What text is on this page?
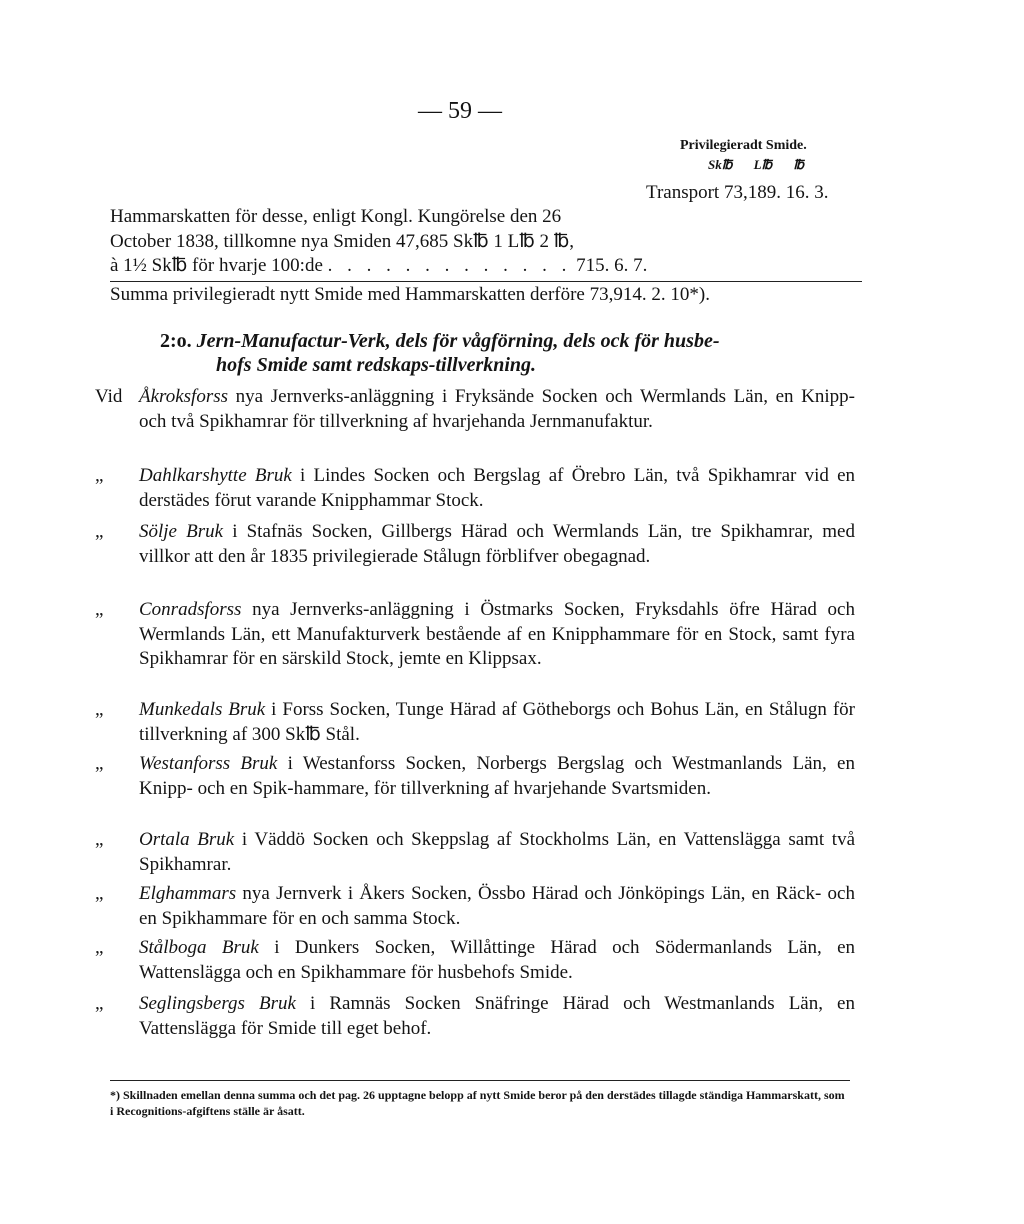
— 59 —
Privilegieradt Smide.
Sk℔ L℔ ℔
Transport 73,189. 16. 3.
Hammarskatten för desse, enligt Kongl. Kungörelse den 26
October 1838, tillkomne nya Smiden 47,685 Sk℔ 1 L℔ 2 ℔,
à 1½ Sk℔ för hvarje 100:de . . . . . . . . . . . . . 715. 6. 7.
Summa privilegieradt nytt Smide med Hammarskatten derföre 73,914. 2. 10*).
2:o. Jern-Manufactur-Verk, dels för vågförning, dels ock för husbe-
hofs Smide samt redskaps-tillverkning.
Vid Åkroksforss nya Jernverks-anläggning i Fryksände Socken och Wermlands Län, en Knipp- och två Spikhamrar för tillverkning af hvarjehanda Jernmanufaktur.
„	Dahlkarshytte Bruk i Lindes Socken och Bergslag af Örebro Län, två Spikhamrar vid en derstädes förut varande Knipphammar Stock.
„	Sölje Bruk i Stafnäs Socken, Gillbergs Härad och Wermlands Län, tre Spikhamrar, med villkor att den år 1835 privilegierade Stålugn förblifver obegagnad.
„	Conradsforss nya Jernverks-anläggning i Östmarks Socken, Fryksdahls öfre Härad och Wermlands Län, ett Manufakturverk bestående af en Knipphammare för en Stock, samt fyra Spikhamrar för en särskild Stock, jemte en Klippsax.
„	Munkedals Bruk i Forss Socken, Tunge Härad af Götheborgs och Bohus Län, en Stålugn för tillverkning af 300 Sk℔ Stål.
„	Westanforss Bruk i Westanforss Socken, Norbergs Bergslag och Westmanlands Län, en Knipp- och en Spik-hammare, för tillverkning af hvarjehande Svartsmiden.
„	Ortala Bruk i Väddö Socken och Skeppslag af Stockholms Län, en Vattenslägga samt två Spikhamrar.
„	Elghammars nya Jernverk i Åkers Socken, Össbo Härad och Jönköpings Län, en Räck- och en Spikhammare för en och samma Stock.
„	Stålboga Bruk i Dunkers Socken, Willåttinge Härad och Södermanlands Län, en Wattenslägga och en Spikhammare för husbehofs Smide.
„	Seglingsbergs Bruk i Ramnäs Socken Snäfringe Härad och Westmanlands Län, en Vattenslägga för Smide till eget behof.
*) Skillnaden emellan denna summa och det pag. 26 upptagne belopp af nytt Smide beror på den derstädes tillagde ständiga Hammarskatt, som i Recognitions-afgiftens ställe är åsatt.
